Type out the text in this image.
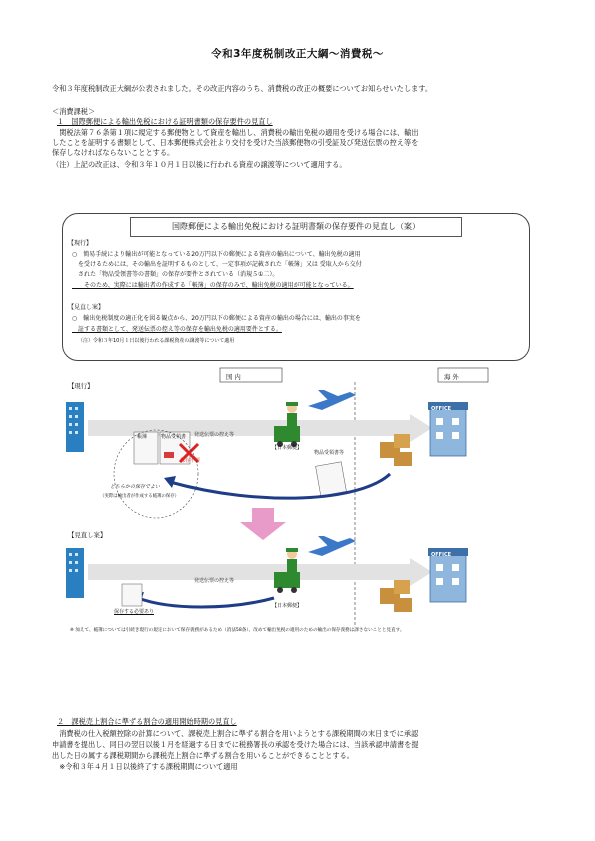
令和3年度税制改正大綱〜消費税〜
令和３年度税制改正大綱が公表されました。その改正内容のうち、消費税の改正の概要についてお知らせいたします。
＜消費課税＞
１　国際郵便による輸出免税における証明書類の保存要件の見直し
　関税法第７６条第１項に規定する郵便物として資産を輸出し、消費税の輸出免税の適用を受ける場合には、輸出
したことを証明する書類として、日本郵便株式会社より交付を受けた当該郵便物の引受証及び発送伝票の控え等を
保存しなければならないこととする。
（注）上記の改正は、令和３年１０月１日以後に行われる資産の譲渡等について適用する。
国際郵便による輸出免税における証明書類の保存要件の見直し（案）
【現行】
○　簡易手続により輸出が可能となっている20万円以下の郵便による資産の輸出について、輸出免税の適用
　を受けるためには、その輸出を証明するものとして、一定事項が記載された「帳簿」又は 受取人から交付
　された「物品受領書等の書類」の保存が要件とされている（消規５①二）。
　　そのため、実際には輸出者の作成する「帳簿」の保存のみで、輸出免税の適用が可能となっている。
【見直し案】
○　輸出免税制度の適正化を図る観点から、20万円以下の郵便による資産の輸出の場合には、輸出の事実を
　証する書類として、発送伝票の控え等の保存を輸出免税の適用要件とする。
（注）令和３年10月１日以後行われる課税資産の譲渡等について適用
国 内	海 外
【現行】
OFFICE
発送伝票の控え等
【日本郵便】
物品受領書等
帳簿	物品受領書
保存不要
どちらかの保存でよい
（実際は輸出者が作成する帳簿の保存）
【見直し案】
OFFICE
発送伝票の控え等
【日本郵便】
保存する必要あり
※ 加えて、帳簿については引続き現行の規定において保存義務があるため（消法58条）、改めて輸出免税の適用のための輸出の保存義務は課さないことと見直す。
２　課税売上割合に準ずる割合の適用開始時期の見直し
　消費税の仕入税額控除の計算について、課税売上割合に準ずる割合を用いようとする課税期間の末日までに承認
申請書を提出し、同日の翌日以後１月を経過する日までに税務署長の承認を受けた場合には、当該承認申請書を提
出した日の属する課税期間から課税売上割合に準ずる割合を用いることができることとする。
　※令和３年４月１日以後終了する課税期間について適用
